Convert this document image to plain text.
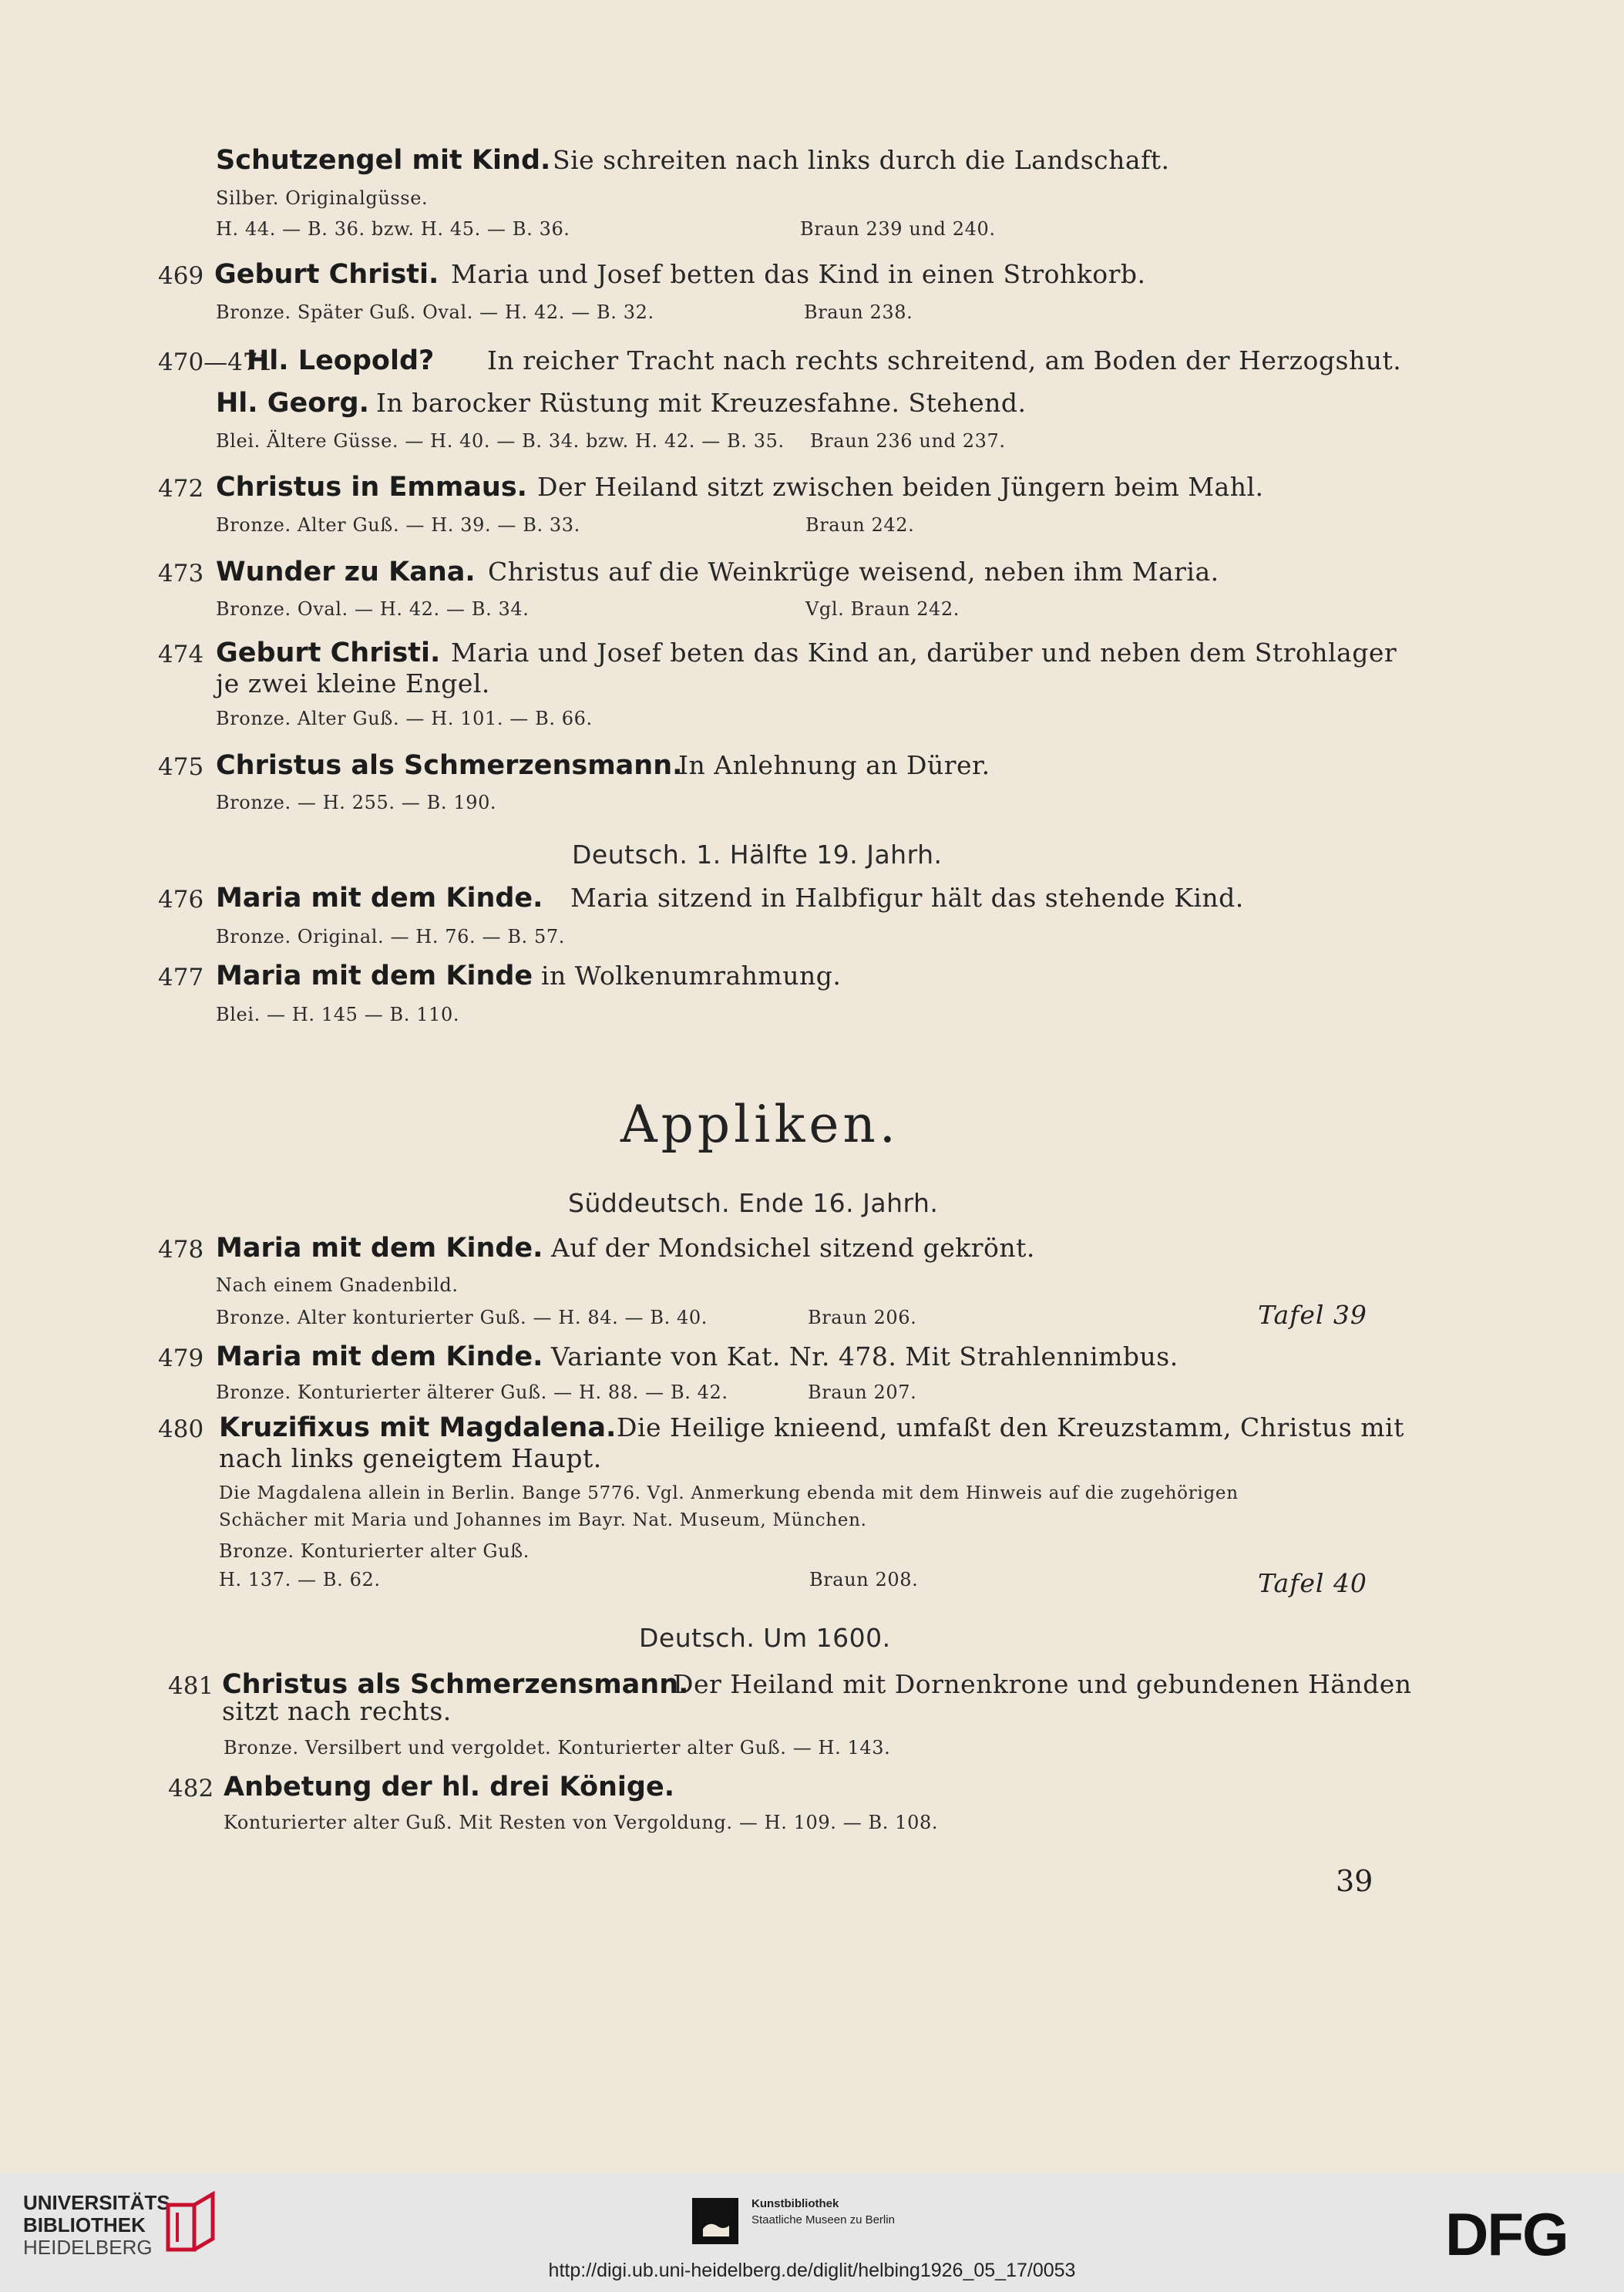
Schutzengel mit Kind. Sie schreiten nach links durch die Landschaft.
Silber. Originalgüsse.
H. 44. — B. 36. bzw. H. 45. — B. 36.	Braun 239 und 240.
469 Geburt Christi. Maria und Josef betten das Kind in einen Strohkorb.
Bronze. Später Guß. Oval. — H. 42. — B. 32.	Braun 238.
470—471
Hl. Leopold? In reicher Tracht nach rechts schreitend, am Boden der Herzogshut.
Hl. Georg. In barocker Rüstung mit Kreuzesfahne. Stehend.
Blei. Ältere Güsse. — H. 40. — B. 34. bzw. H. 42. — B. 35. Braun 236 und 237.
472 Christus in Emmaus. Der Heiland sitzt zwischen beiden Jüngern beim Mahl.
Bronze. Alter Guß. — H. 39. — B. 33.	Braun 242.
473 Wunder zu Kana. Christus auf die Weinkrüge weisend, neben ihm Maria.
Bronze. Oval. — H. 42. — B. 34.	Vgl. Braun 242.
474 Geburt Christi. Maria und Josef beten das Kind an, darüber und neben dem Strohlager
je zwei kleine Engel.
Bronze. Alter Guß. — H. 101. — B. 66.
475 Christus als Schmerzensmann.
In Anlehnung an Dürer.
Bronze. — H. 255. — B. 190.
Deutsch. 1. Hälfte 19. Jahrh.
476 Maria mit dem Kinde. Maria sitzend in Halbfigur hält das stehende Kind.
Bronze. Original. — H. 76. — B. 57.
477 Maria mit dem Kinde in Wolkenumrahmung.
Blei. — H. 145 — B. 110.
Appliken.
Süddeutsch. Ende 16. Jahrh.
478 Maria mit dem Kinde. Auf der Mondsichel sitzend gekrönt.
Nach einem Gnadenbild.
Bronze. Alter konturierter Guß. — H. 84. — B. 40.	Braun 206.	Tafel 39
479 Maria mit dem Kinde. Variante von Kat. Nr. 478. Mit Strahlennimbus.
Bronze. Konturierter älterer Guß. — H. 88. — B. 42.	Braun 207.
480 Kruzifixus mit Magdalena. Die Heilige knieend, umfaßt den Kreuzstamm, Christus mit
nach links geneigtem Haupt.
Die Magdalena allein in Berlin. Bange 5776. Vgl. Anmerkung ebenda mit dem Hinweis auf die zugehörigen
Schächer mit Maria und Johannes im Bayr. Nat. Museum, München.
Bronze. Konturierter alter Guß.
H. 137. — B. 62.	Braun 208.	Tafel 40
Deutsch. Um 1600.
481 Christus als Schmerzensmann.
Der Heiland mit Dornenkrone und gebundenen Händen
sitzt nach rechts.
Bronze. Versilbert und vergoldet. Konturierter alter Guß. — H. 143.
482 Anbetung der hl. drei Könige.
Konturierter alter Guß. Mit Resten von Vergoldung. — H. 109. — B. 108.
39
UNIVERSITÄTS-
BIBLIOTHEK
HEIDELBERG
Kunstbibliothek
Staatliche Museen zu Berlin	DFG
http://digi.ub.uni-heidelberg.de/diglit/helbing1926_05_17/0053
